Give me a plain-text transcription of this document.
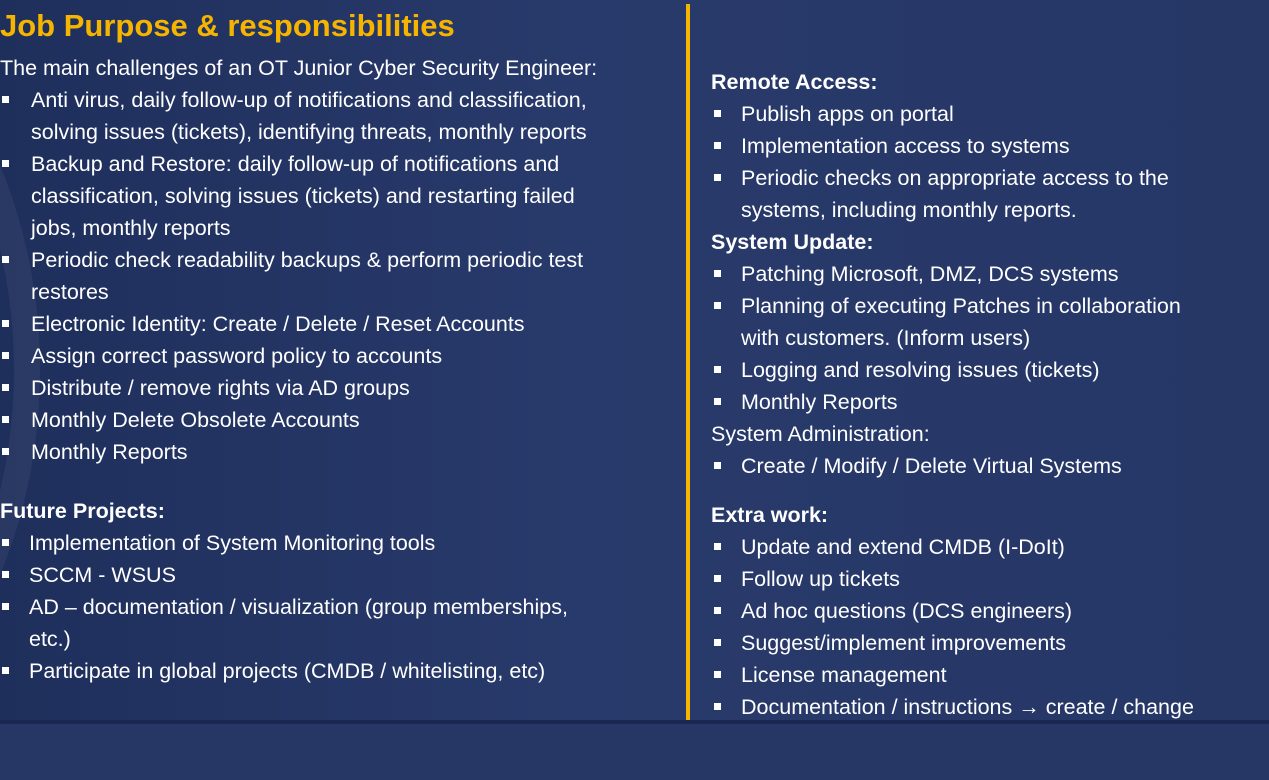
Job Purpose & responsibilities

The main challenges of an OT Junior Cyber Security Engineer:

Anti virus, daily follow-up of notifications and classification,
solving issues (tickets), identifying threats, monthly reports
Backup and Restore: daily follow-up of notifications and
classification, solving issues (tickets) and restarting failed
jobs, monthly reports
Periodic check readability backups & perform periodic test
restores
Electronic Identity: Create / Delete / Reset Accounts
Assign correct password policy to accounts
Distribute / remove rights via AD groups
Monthly Delete Obsolete Accounts
Monthly Reports

Future Projects:

Implementation of System Monitoring tools
SCCM - WSUS
AD – documentation / visualization (group memberships,
etc.)
Participate in global projects (CMDB / whitelisting, etc)

Remote Access:

Publish apps on portal
Implementation access to systems
Periodic checks on appropriate access to the
systems, including monthly reports.

System Update:

Patching Microsoft, DMZ, DCS systems
Planning of executing Patches in collaboration
with customers. (Inform users)
Logging and resolving issues (tickets)
Monthly Reports

System Administration:

Create / Modify / Delete Virtual Systems

Extra work:

Update and extend CMDB (I-DoIt)
Follow up tickets
Ad hoc questions (DCS engineers)
Suggest/implement improvements
License management
Documentation / instructions → create / change
